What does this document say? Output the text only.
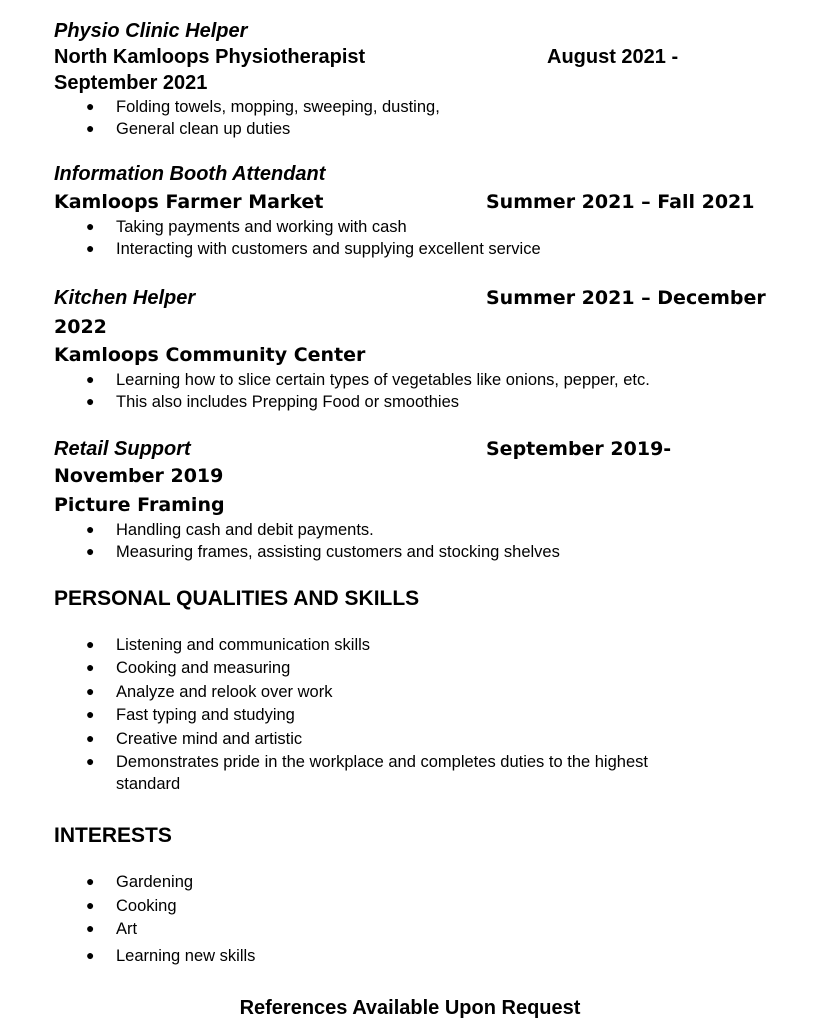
Physio Clinic Helper
North Kamloops Physiotherapist	August 2021 -
September 2021
● Folding towels, mopping, sweeping, dusting,
● General clean up duties
Information Booth Attendant
Kamloops Farmer Market	Summer 2021 – Fall 2021
● Taking payments and working with cash
● Interacting with customers and supplying excellent service
Kitchen Helper	Summer 2021 – December
2022
Kamloops Community Center
● Learning how to slice certain types of vegetables like onions, pepper, etc.
● This also includes Prepping Food or smoothies
Retail Support	September 2019-
November 2019
Picture Framing
● Handling cash and debit payments.
● Measuring frames, assisting customers and stocking shelves
PERSONAL QUALITIES AND SKILLS
● Listening and communication skills
● Cooking and measuring
● Analyze and relook over work
● Fast typing and studying
● Creative mind and artistic
● Demonstrates pride in the workplace and completes duties to the highest
standard
INTERESTS
● Gardening
● Cooking
● Art
● Learning new skills
References Available Upon Request
